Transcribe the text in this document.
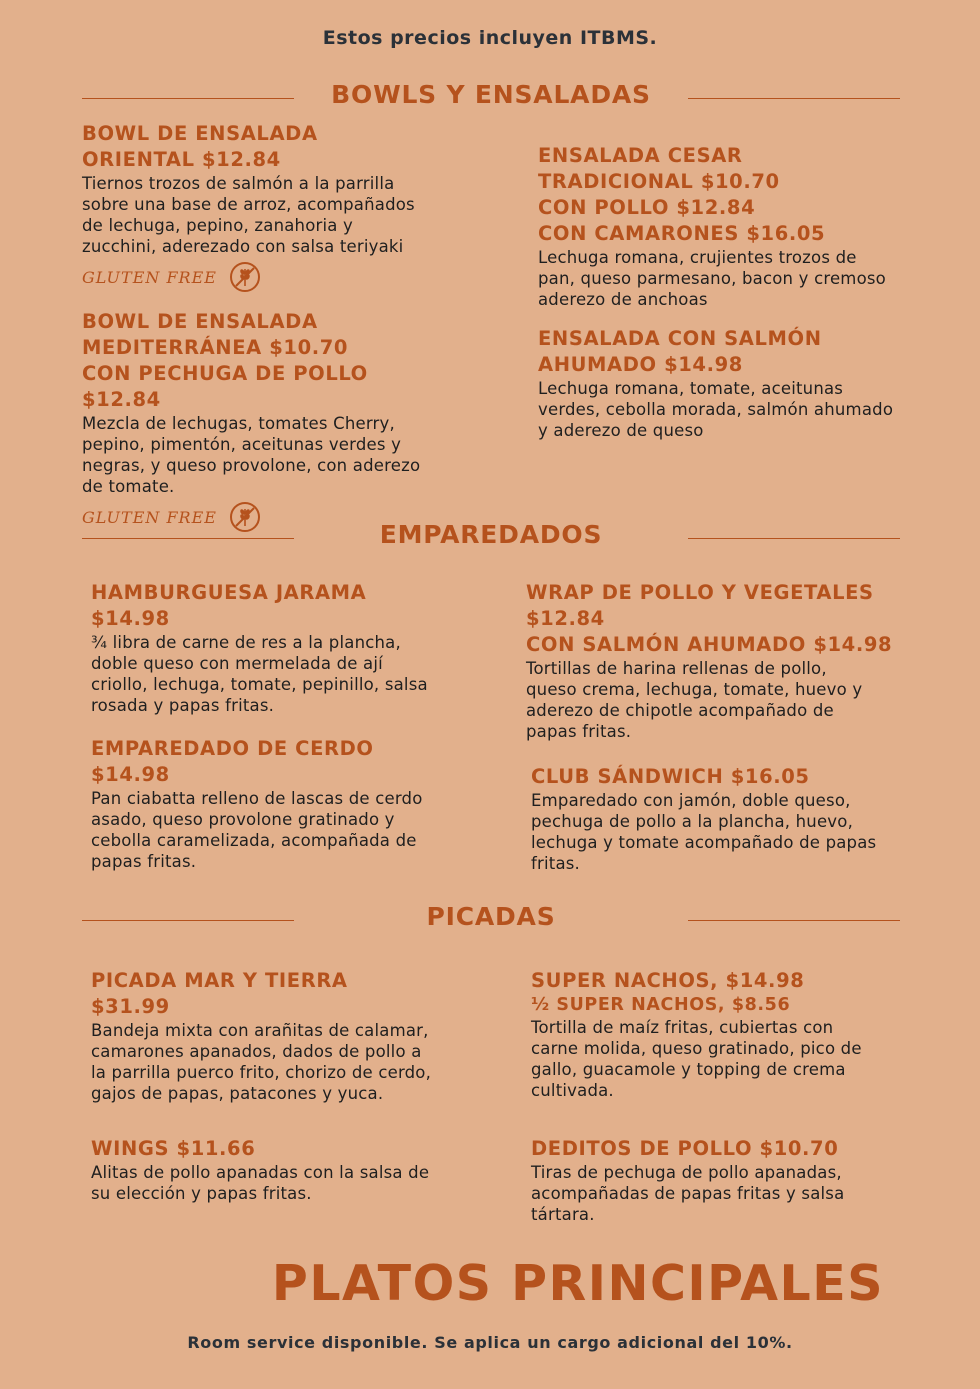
Estos precios incluyen ITBMS.
BOWLS Y ENSALADAS
BOWL DE ENSALADA
ORIENTAL $12.84
Tiernos trozos de salmón a la parrilla
sobre una base de arroz, acompañados
de lechuga, pepino, zanahoria y
zucchini, aderezado con salsa teriyaki
GLUTEN FREE
BOWL DE ENSALADA
MEDITERRÁNEA $10.70
CON PECHUGA DE POLLO
$12.84
Mezcla de lechugas, tomates Cherry,
pepino, pimentón, aceitunas verdes y
negras, y queso provolone, con aderezo
de tomate.
GLUTEN FREE
ENSALADA CESAR
TRADICIONAL $10.70
CON POLLO $12.84
CON CAMARONES $16.05
Lechuga romana, crujientes trozos de
pan, queso parmesano, bacon y cremoso
aderezo de anchoas
ENSALADA CON SALMÓN
AHUMADO $14.98
Lechuga romana, tomate, aceitunas
verdes, cebolla morada, salmón ahumado
y aderezo de queso
EMPAREDADOS
HAMBURGUESA JARAMA
$14.98
¾ libra de carne de res a la plancha,
doble queso con mermelada de ají
criollo, lechuga, tomate, pepinillo, salsa
rosada y papas fritas.
EMPAREDADO DE CERDO
$14.98
Pan ciabatta relleno de lascas de cerdo
asado, queso provolone gratinado y
cebolla caramelizada, acompañada de
papas fritas.
WRAP DE POLLO Y VEGETALES
$12.84
CON SALMÓN AHUMADO $14.98
Tortillas de harina rellenas de pollo,
queso crema, lechuga, tomate, huevo y
aderezo de chipotle acompañado de
papas fritas.
CLUB SÁNDWICH $16.05
Emparedado con jamón, doble queso,
pechuga de pollo a la plancha, huevo,
lechuga y tomate acompañado de papas
fritas.
PICADAS
PICADA MAR Y TIERRA
$31.99
Bandeja mixta con arañitas de calamar,
camarones apanados, dados de pollo a
la parrilla puerco frito, chorizo de cerdo,
gajos de papas, patacones y yuca.
WINGS $11.66
Alitas de pollo apanadas con la salsa de
su elección y papas fritas.
SUPER NACHOS, $14.98
½ SUPER NACHOS, $8.56
Tortilla de maíz fritas, cubiertas con
carne molida, queso gratinado, pico de
gallo, guacamole y topping de crema
cultivada.
DEDITOS DE POLLO $10.70
Tiras de pechuga de pollo apanadas,
acompañadas de papas fritas y salsa
tártara.
PLATOS PRINCIPALES
Room service disponible. Se aplica un cargo adicional del 10%.
